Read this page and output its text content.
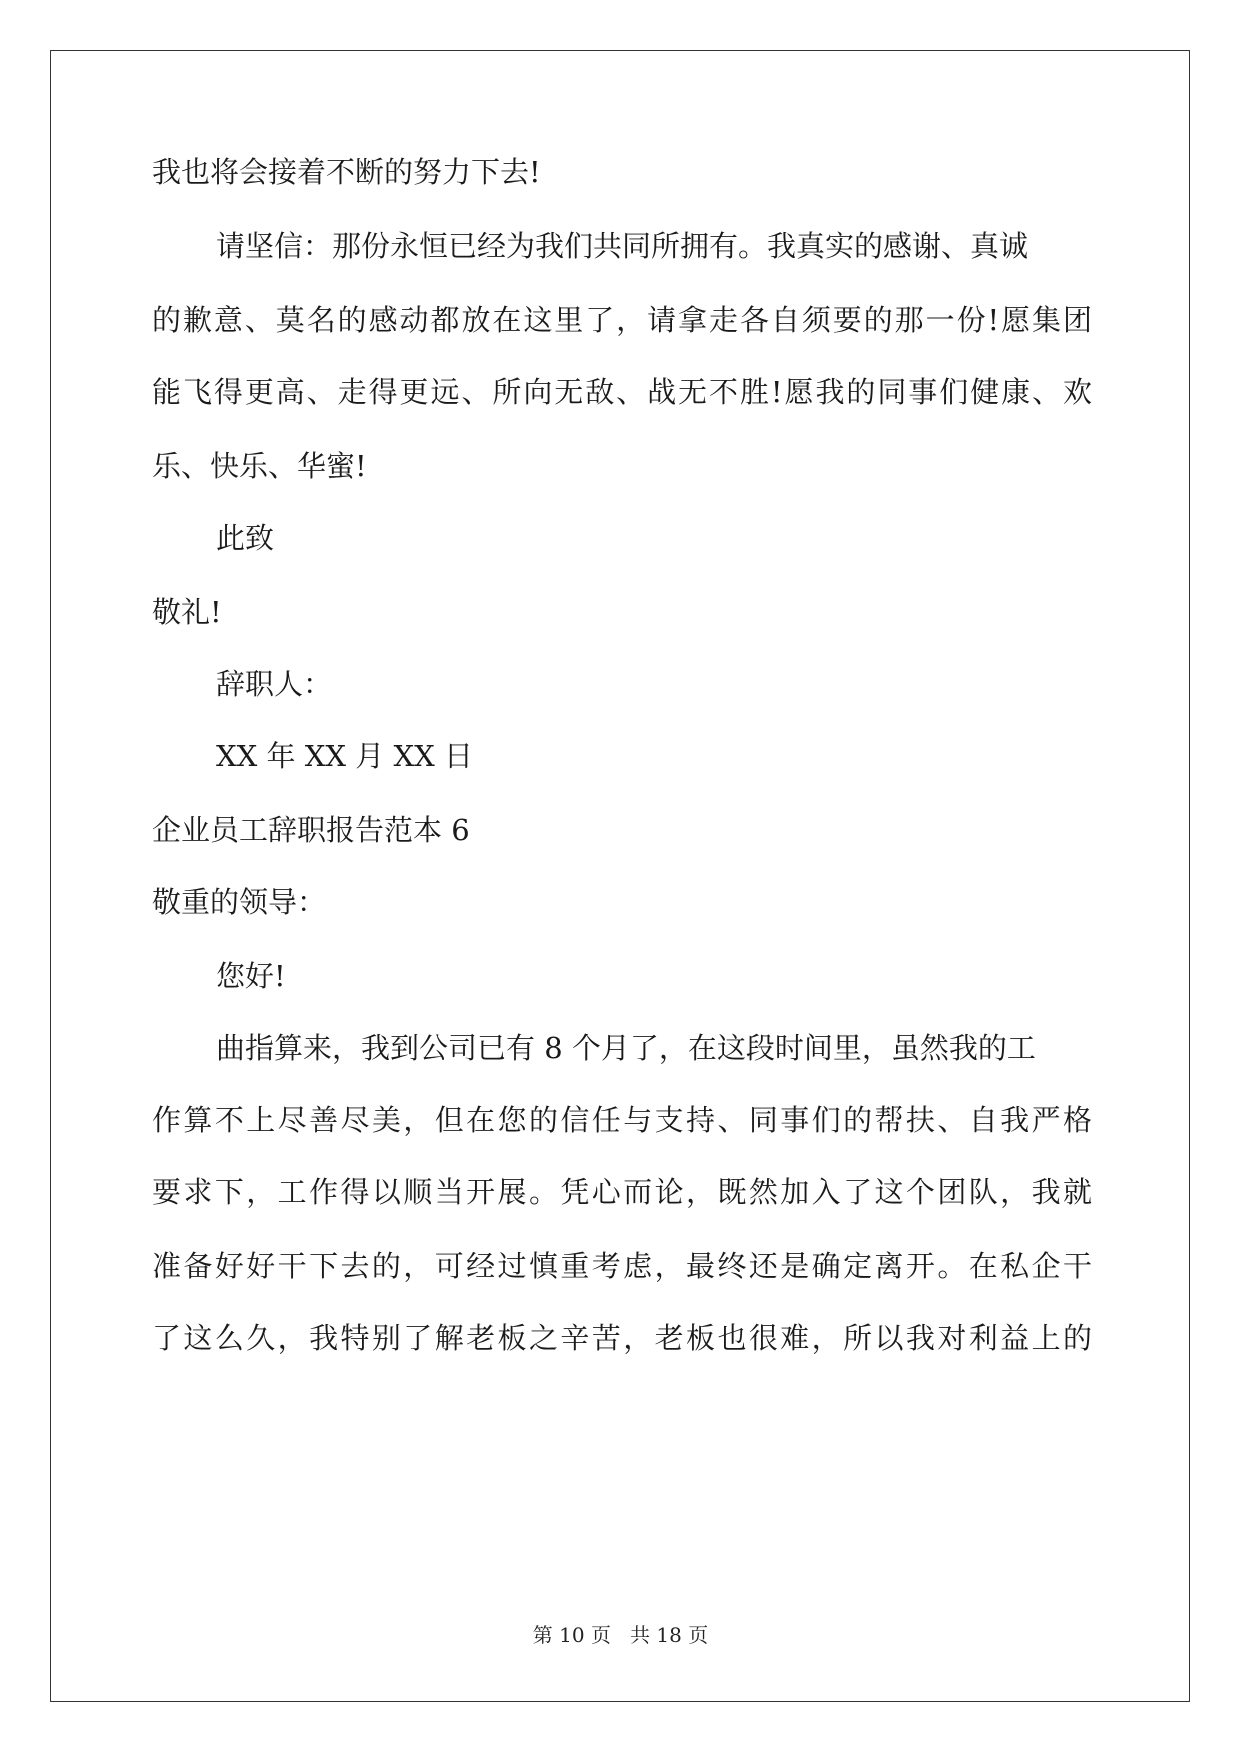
我也将会接着不断的努力下去!
请坚信：那份永恒已经为我们共同所拥有。我真实的感谢、真诚
的歉意、莫名的感动都放在这里了，请拿走各自须要的那一份!愿集团
能飞得更高、走得更远、所向无敌、战无不胜!愿我的同事们健康、欢
乐、快乐、华蜜!
此致
敬礼!
辞职人：
XX 年 XX 月 XX 日
企业员工辞职报告范本 6
敬重的领导：
您好!
曲指算来，我到公司已有 8 个月了，在这段时间里，虽然我的工
作算不上尽善尽美，但在您的信任与支持、同事们的帮扶、自我严格
要求下，工作得以顺当开展。凭心而论，既然加入了这个团队，我就
准备好好干下去的，可经过慎重考虑，最终还是确定离开。在私企干
了这么久，我特别了解老板之辛苦，老板也很难，所以我对利益上的
第 10 页 共 18 页
